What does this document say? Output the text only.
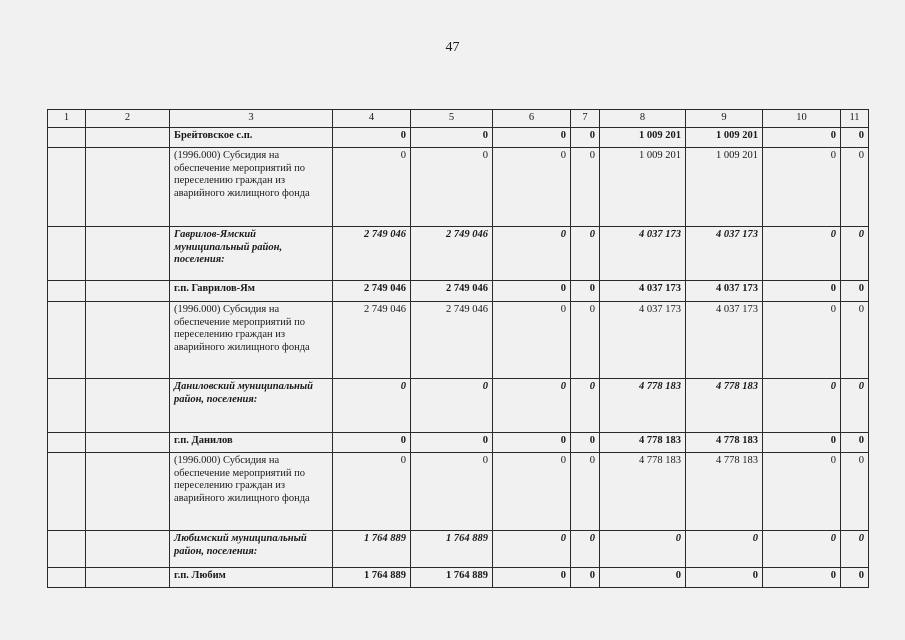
47
1	2	3	4	5	6	7	8	9	10	11
		Брейтовское с.п.	0	0	0	0	1 009 201	1 009 201	0	0
		(1996.000) Субсидия на обеспечение мероприятий по переселению граждан из аварийного жилищного фонда	0	0	0	0	1 009 201	1 009 201	0	0
		Гаврилов-Ямский муниципальный район, поселения:	2 749 046	2 749 046	0	0	4 037 173	4 037 173	0	0
		г.п. Гаврилов-Ям	2 749 046	2 749 046	0	0	4 037 173	4 037 173	0	0
		(1996.000) Субсидия на обеспечение мероприятий по переселению граждан из аварийного жилищного фонда	2 749 046	2 749 046	0	0	4 037 173	4 037 173	0	0
		Даниловский муниципальный район, поселения:	0	0	0	0	4 778 183	4 778 183	0	0
		г.п. Данилов	0	0	0	0	4 778 183	4 778 183	0	0
		(1996.000) Субсидия на обеспечение мероприятий по переселению граждан из аварийного жилищного фонда	0	0	0	0	4 778 183	4 778 183	0	0
		Любимский муниципальный район, поселения:	1 764 889	1 764 889	0	0	0	0	0	0
		г.п. Любим	1 764 889	1 764 889	0	0	0	0	0	0
